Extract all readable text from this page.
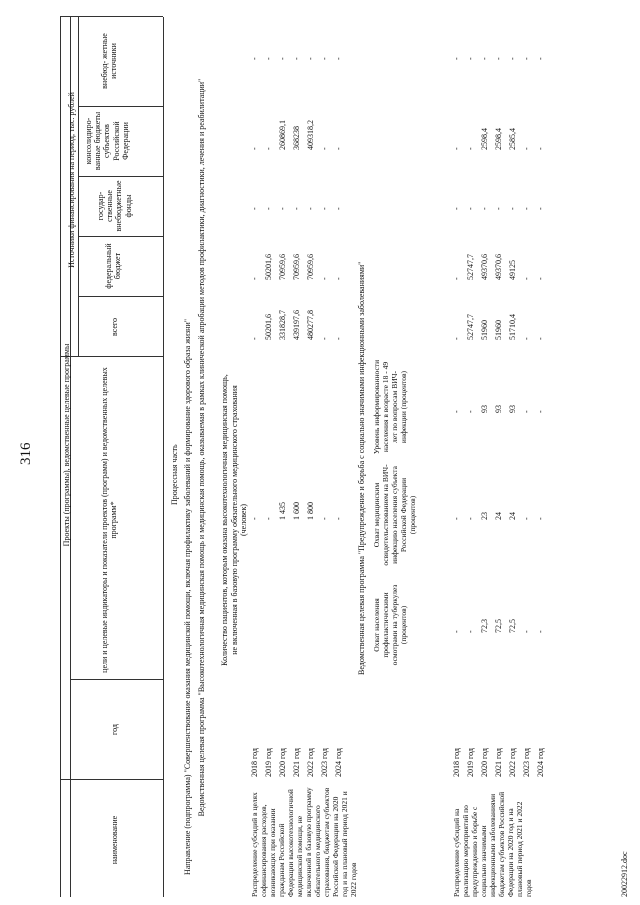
316	Проекты (программы), ведомственные целевые программы
наименование
год
цели и целевые индикаторы и показатели проектов (программ) и ведомственных целевых программ*
Источники финансирования на период, тыс. рублей
всего
федеральный бюджет
государ- ственные внебюджетные фонды
консолидиро- ванные бюджеты субъектов Российской Федерации
внебюд- жетные источники
Процессная часть Направление (подпрограмма) "Совершенствование оказания медицинской помощи, включая профилактику заболеваний и формирование здорового образа жизни" Ведомственная целевая программа "Высокотехнологичная медицинская помощь и медицинская помощь, оказываемая в рамках клинической апробации методов профилактики, диагностики, лечения и реабилитации" Количество пациентов, которым оказана высокотехнологичная медицинская помощь, не включенная в базовую программу обязательного медицинского страхования (человек)
Распределение субсидий в целях софинансирования расходов, возникающих при оказании гражданам Российской Федерации высокотехнологичной медицинской помощи, не включенной в базовую программу обязательного медицинского страхования, бюджетам субъектов Российской Федерации на 2020 год и на плановый период 2021 и 2022 годов
Ведомственная целевая программа "Предупреждение и борьба с социально значимыми инфекционными заболеваниями" Охват населения профилактическими осмотрами на туберкулез (процентов)
Охват медицинским освидетельствованием на ВИЧ-инфекцию населения субъекта Российской Федерации (процентов)
Уровень информированности населения в возрасте 18 - 49 лет по вопросам ВИЧ-инфекции (процентов)
Распределение субсидий на реализацию мероприятий по предупреждению и борьбе с социально значимыми инфекционными заболеваниями бюджетам субъектов Российской Федерации на 2020 год и на плановый период 2021 и 2022 годов	20022912.doc
2018 год
-
-
-
-
-
-
2019 год
-
50201,6
50201,6
-
-
-
2020 год
1 435
331828,7
70959,6
-
260869,1
-
2021 год
1 600
439197,6
70959,6
-
368238
-
2022 год
1 800
480277,8
70959,6
-
409318,2
-
2023 год
-
-
-
-
-
-
2024 год
-
-
-
-
-
-
2018 год
-
-
-
-
-
-
-
-
2019 год
-
-
-
52747,7
52747,7
-
-
-
2020 год
72,3
23
93
51960
49370,6
-
2598,4
-
2021 год
72,5
24
93
51960
49370,6
-
2598,4
-
2022 год
72,5
24
93
51710,4
49125
-
2585,4
-
2023 год
-
-
-
-
-
-
-
-
2024 год
-
-
-
-
-
-
-
-
